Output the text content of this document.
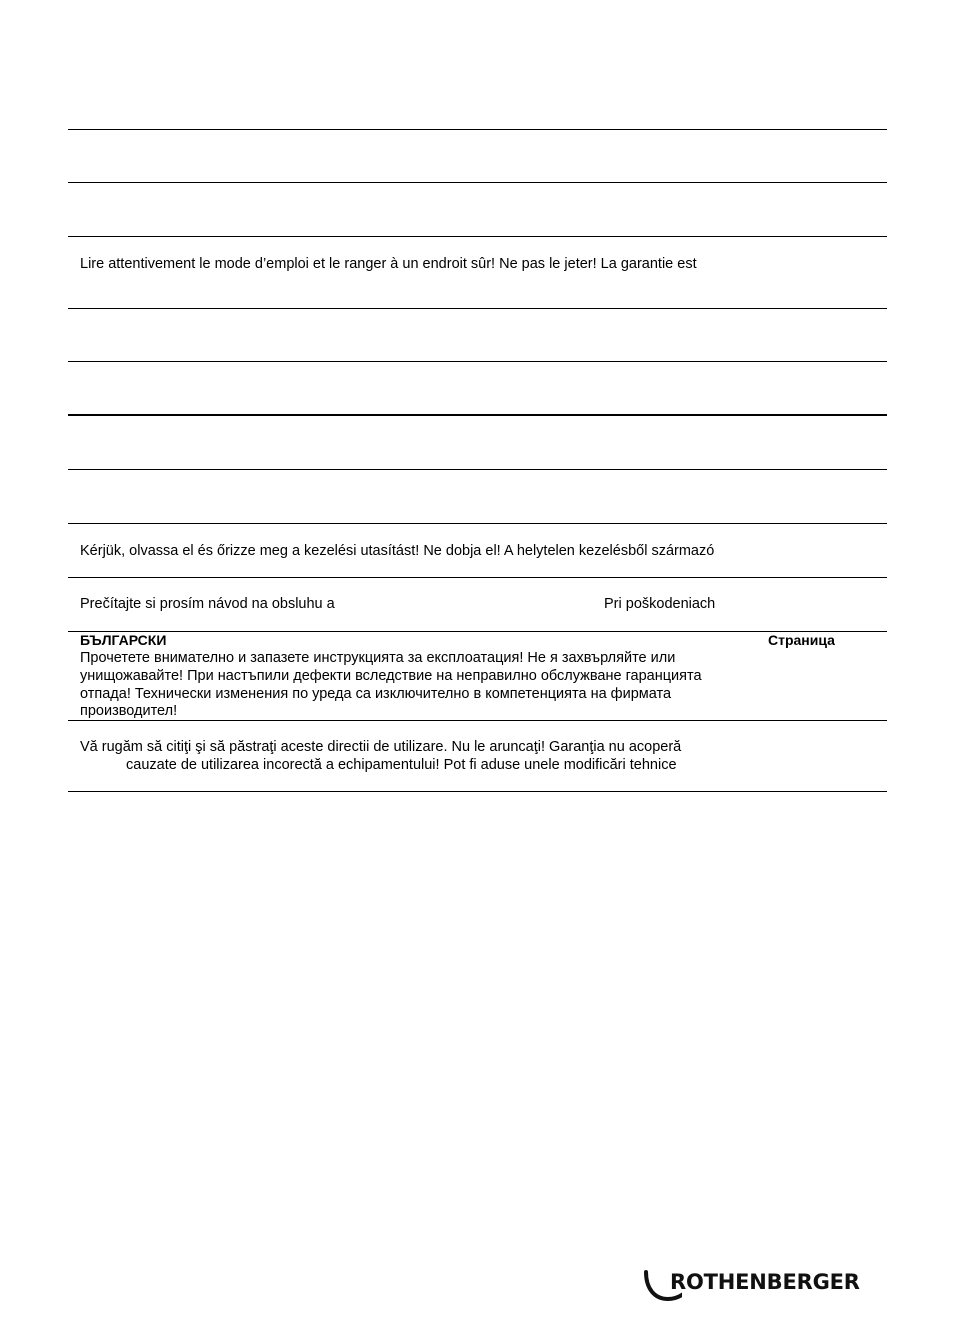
Lire attentivement le mode d’emploi et le ranger à un endroit sûr! Ne pas le jeter! La garantie est
Kérjük, olvassa el és őrizze meg a kezelési utasítást! Ne dobja el! A helytelen kezelésből származó
Prečítajte si prosím návod na obsluhu a	Pri poškodeniach
БЪЛГАРСКИ	Страница
Прочетете внимателно и запазете инструкцията за експлоатация! Не я захвърляйте или
унищожавайте! При настъпили дефекти вследствие на неправилно обслужване гаранцията
отпада! Технически изменения по уреда са изключително в компетенцията на фирмата
производител!
Vă rugăm să citiţi şi să păstraţi aceste directii de utilizare. Nu le aruncaţi! Garanţia nu acoperă
cauzate de utilizarea incorectă a echipamentului! Pot fi aduse unele modificări tehnice
ROTHENBERGER
